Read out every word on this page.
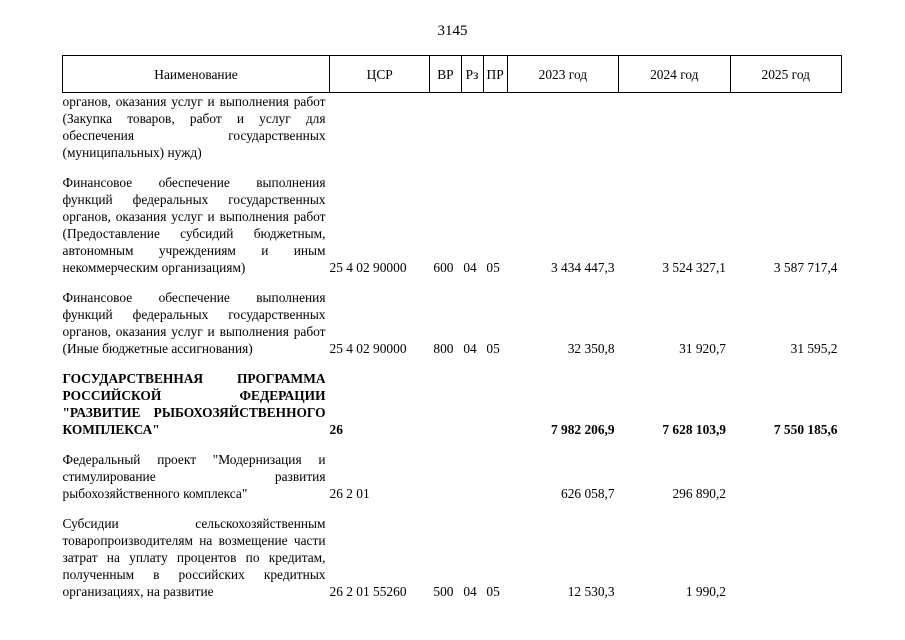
3145
Наименование	ЦСР	ВР	Рз	ПР	2023 год	2024 год	2025 год
органов, оказания услуг и выполнения работ (Закупка товаров, работ и услуг для обеспечения государственных (муниципальных) нужд)							

Финансовое обеспечение выполнения функций федеральных государственных органов, оказания услуг и выполнения работ (Предоставление субсидий бюджетным, автономным учреждениям и иным некоммерческим организациям)	25 4 02 90000	600	04	05	3 434 447,3	3 524 327,1	3 587 717,4

Финансовое обеспечение выполнения функций федеральных государственных органов, оказания услуг и выполнения работ (Иные бюджетные ассигнования)	25 4 02 90000	800	04	05	32 350,8	31 920,7	31 595,2

ГОСУДАРСТВЕННАЯ ПРОГРАММА РОССИЙСКОЙ ФЕДЕРАЦИИ "РАЗВИТИЕ РЫБОХОЗЯЙСТВЕННОГО КОМПЛЕКСА"	26				7 982 206,9	7 628 103,9	7 550 185,6

Федеральный проект "Модернизация и стимулирование развития рыбохозяйственного комплекса"	26 2 01				626 058,7	296 890,2	

Субсидии сельскохозяйственным товаропроизводителям на возмещение части затрат на уплату процентов по кредитам, полученным в российских кредитных организациях, на развитие	26 2 01 55260	500	04	05	12 530,3	1 990,2	
